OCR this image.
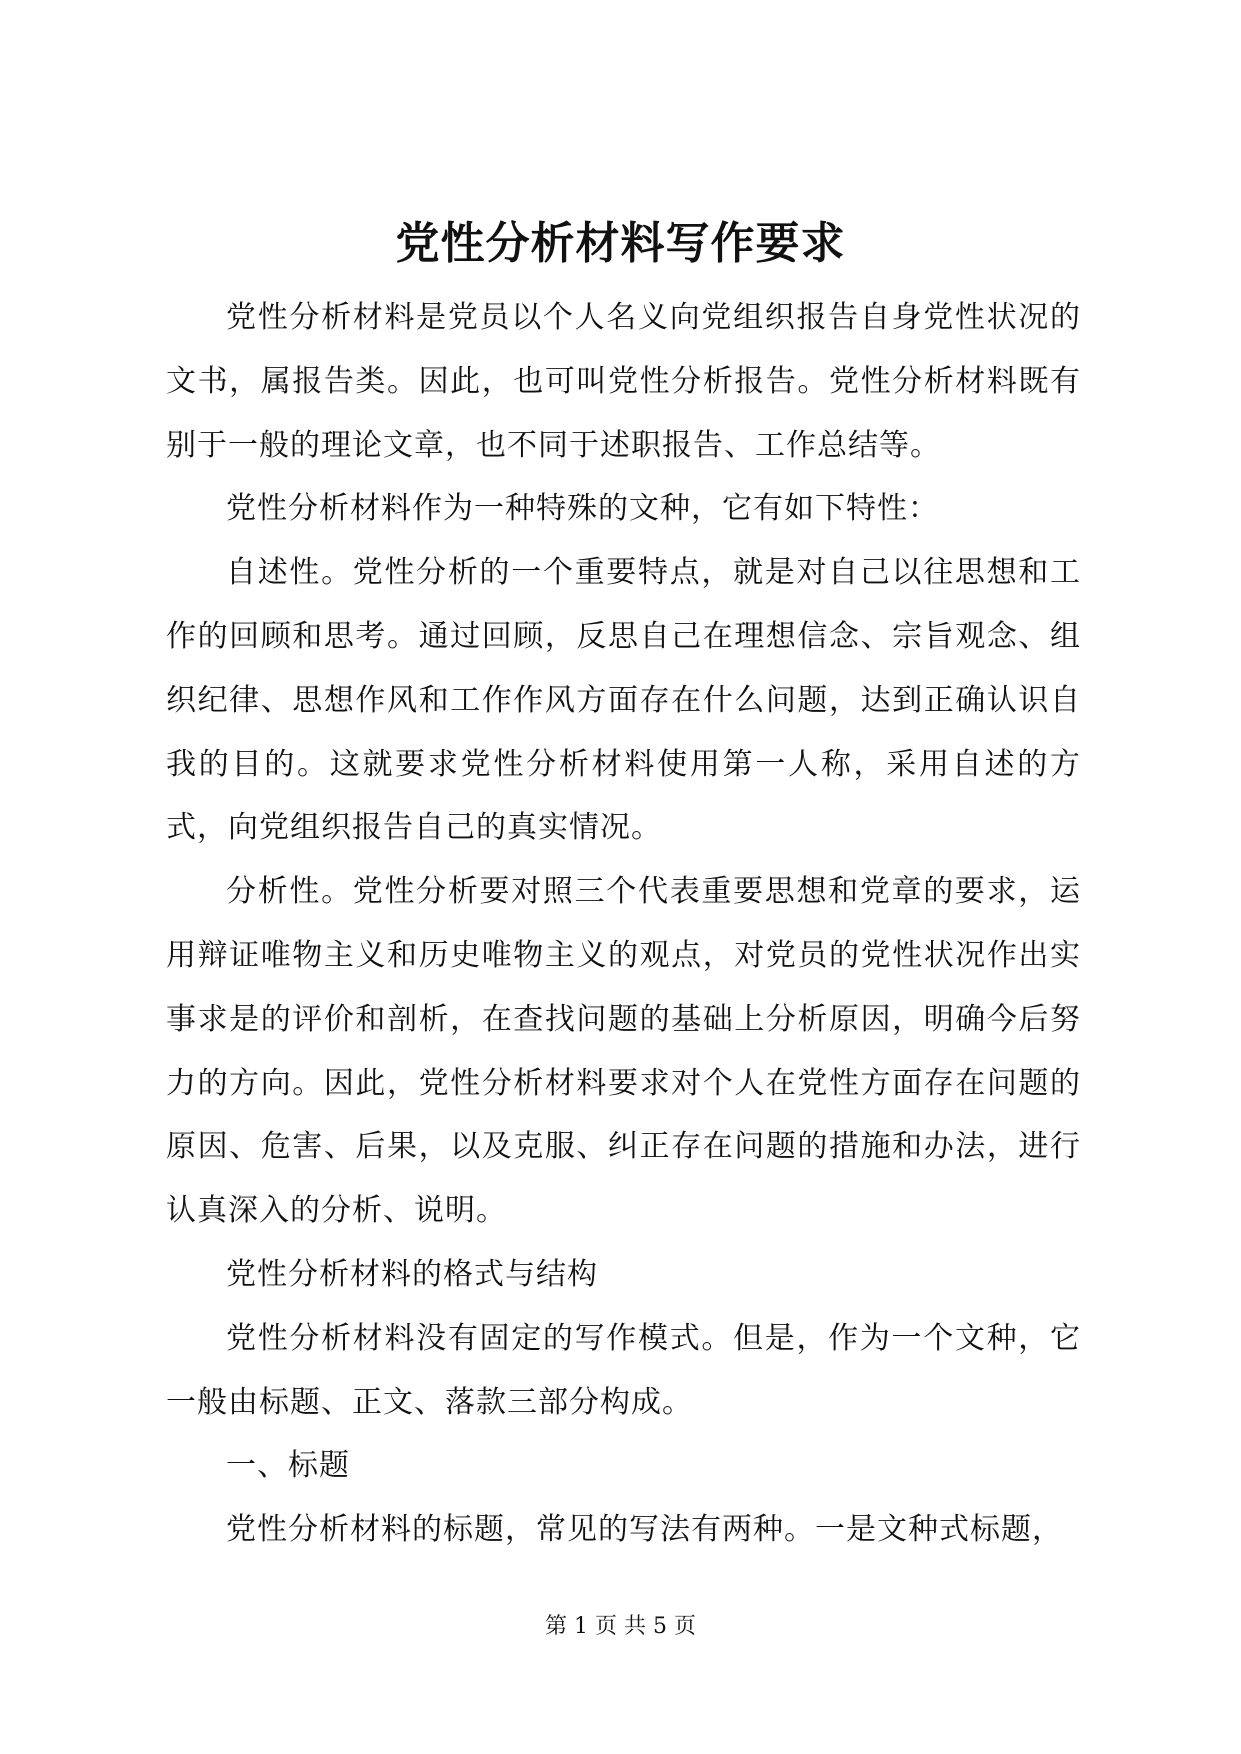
党性分析材料写作要求

党性分析材料是党员以个人名义向党组织报告自身党性状况的文书，属报告类。因此，也可叫党性分析报告。党性分析材料既有别于一般的理论文章，也不同于述职报告、工作总结等。

党性分析材料作为一种特殊的文种，它有如下特性：

自述性。党性分析的一个重要特点，就是对自己以往思想和工作的回顾和思考。通过回顾，反思自己在理想信念、宗旨观念、组织纪律、思想作风和工作作风方面存在什么问题，达到正确认识自我的目的。这就要求党性分析材料使用第一人称，采用自述的方式，向党组织报告自己的真实情况。

分析性。党性分析要对照三个代表重要思想和党章的要求，运用辩证唯物主义和历史唯物主义的观点，对党员的党性状况作出实事求是的评价和剖析，在查找问题的基础上分析原因，明确今后努力的方向。因此，党性分析材料要求对个人在党性方面存在问题的原因、危害、后果，以及克服、纠正存在问题的措施和办法，进行认真深入的分析、说明。

党性分析材料的格式与结构

党性分析材料没有固定的写作模式。但是，作为一个文种，它一般由标题、正文、落款三部分构成。

一、标题

党性分析材料的标题，常见的写法有两种。一是文种式标题，

第 1 页 共 5 页
